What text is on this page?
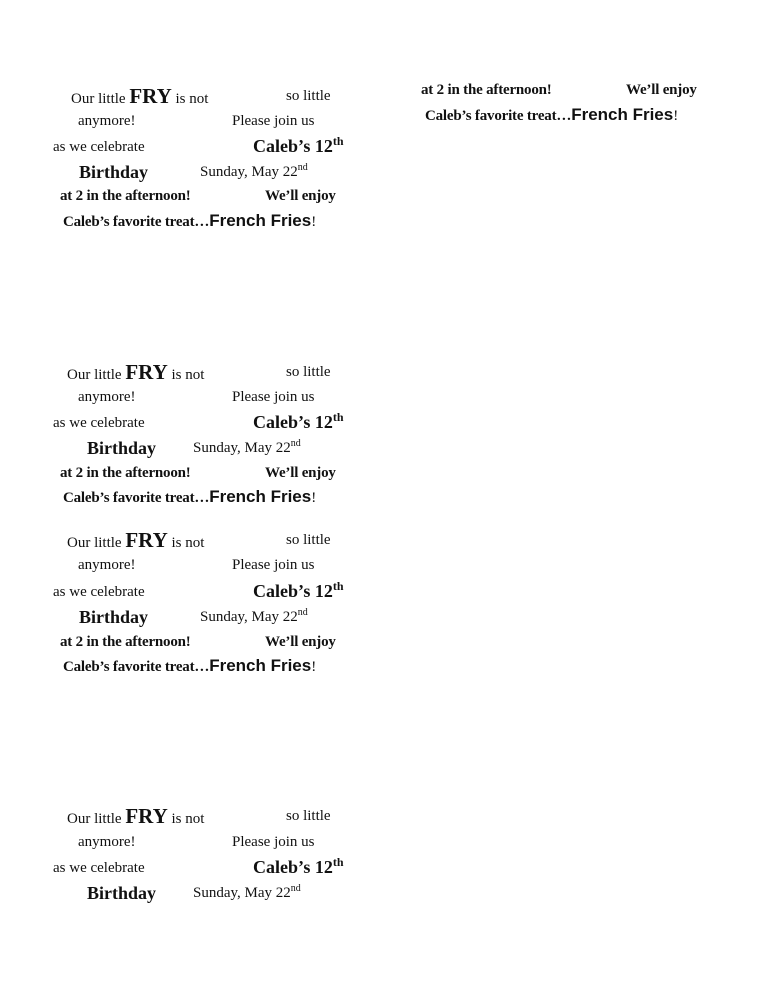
Our little FRY is not	so little
anymore!	Please join us
as we celebrate	Caleb’s 12th
Birthday	Sunday, May 22nd
at 2 in the afternoon!	We’ll enjoy
Caleb’s favorite treat…French Fries!
at 2 in the afternoon!	We’ll enjoy
Caleb’s favorite treat…French Fries!
Our little FRY is not	so little
anymore!	Please join us
as we celebrate	Caleb’s 12th
Birthday Sunday, May 22nd
at 2 in the afternoon!	We’ll enjoy
Caleb’s favorite treat…French Fries!
Our little FRY is not	so little
anymore!	Please join us
as we celebrate	Caleb’s 12th
Birthday	Sunday, May 22nd
at 2 in the afternoon!	We’ll enjoy
Caleb’s favorite treat…French Fries!
Our little FRY is not	so little
anymore!	Please join us
as we celebrate	Caleb’s 12th
Birthday Sunday, May 22nd
